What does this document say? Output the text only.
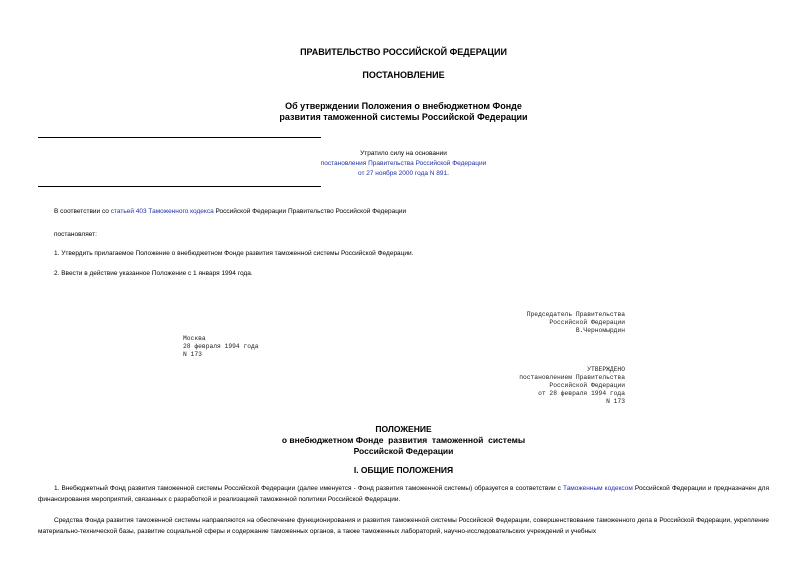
ПРАВИТЕЛЬСТВО РОССИЙСКОЙ ФЕДЕРАЦИИ
ПОСТАНОВЛЕНИЕ
Об утверждении Положения о внебюджетном Фонде
развития таможенной системы Российской Федерации
Утратило силу на основании
постановления Правительства Российской Федерации
от 27 ноября 2000 года N 891.
В соответствии со статьей 403 Таможенного кодекса Российской Федерации Правительство Российской Федерации
постановляет:
1. Утвердить прилагаемое Положение о внебюджетном Фонде развития таможенной системы Российской Федерации.
2. Ввести в действие указанное Положение с 1 января 1994 года.
Председатель Правительства
Российской Федерации
В.Черномырдин
Москва
28 февраля 1994 года
N 173
УТВЕРЖДЕНО
постановлением Правительства
Российской Федерации
от 28 февраля 1994 года
N 173
ПОЛОЖЕНИЕ
о внебюджетном Фонде  развития  таможенной  системы
Российской Федерации
I. ОБЩИЕ ПОЛОЖЕНИЯ
1. Внебюджетный Фонд развития таможенной системы Российской Федерации (далее именуется - Фонд развития таможенной системы) образуется в соответствии с Таможенным кодексом Российской Федерации и предназначен для финансирования мероприятий, связанных с разработкой и реализацией таможенной политики Российской Федерации.
Средства Фонда развития таможенной системы направляются на обеспечение функционирования и развития таможенной системы Российской Федерации, совершенствование таможенного дела в Российской Федерации, укрепление материально-технической базы, развитие социальной сферы и содержание таможенных органов, а также таможенных лабораторий, научно-исследовательских учреждений и учебных
